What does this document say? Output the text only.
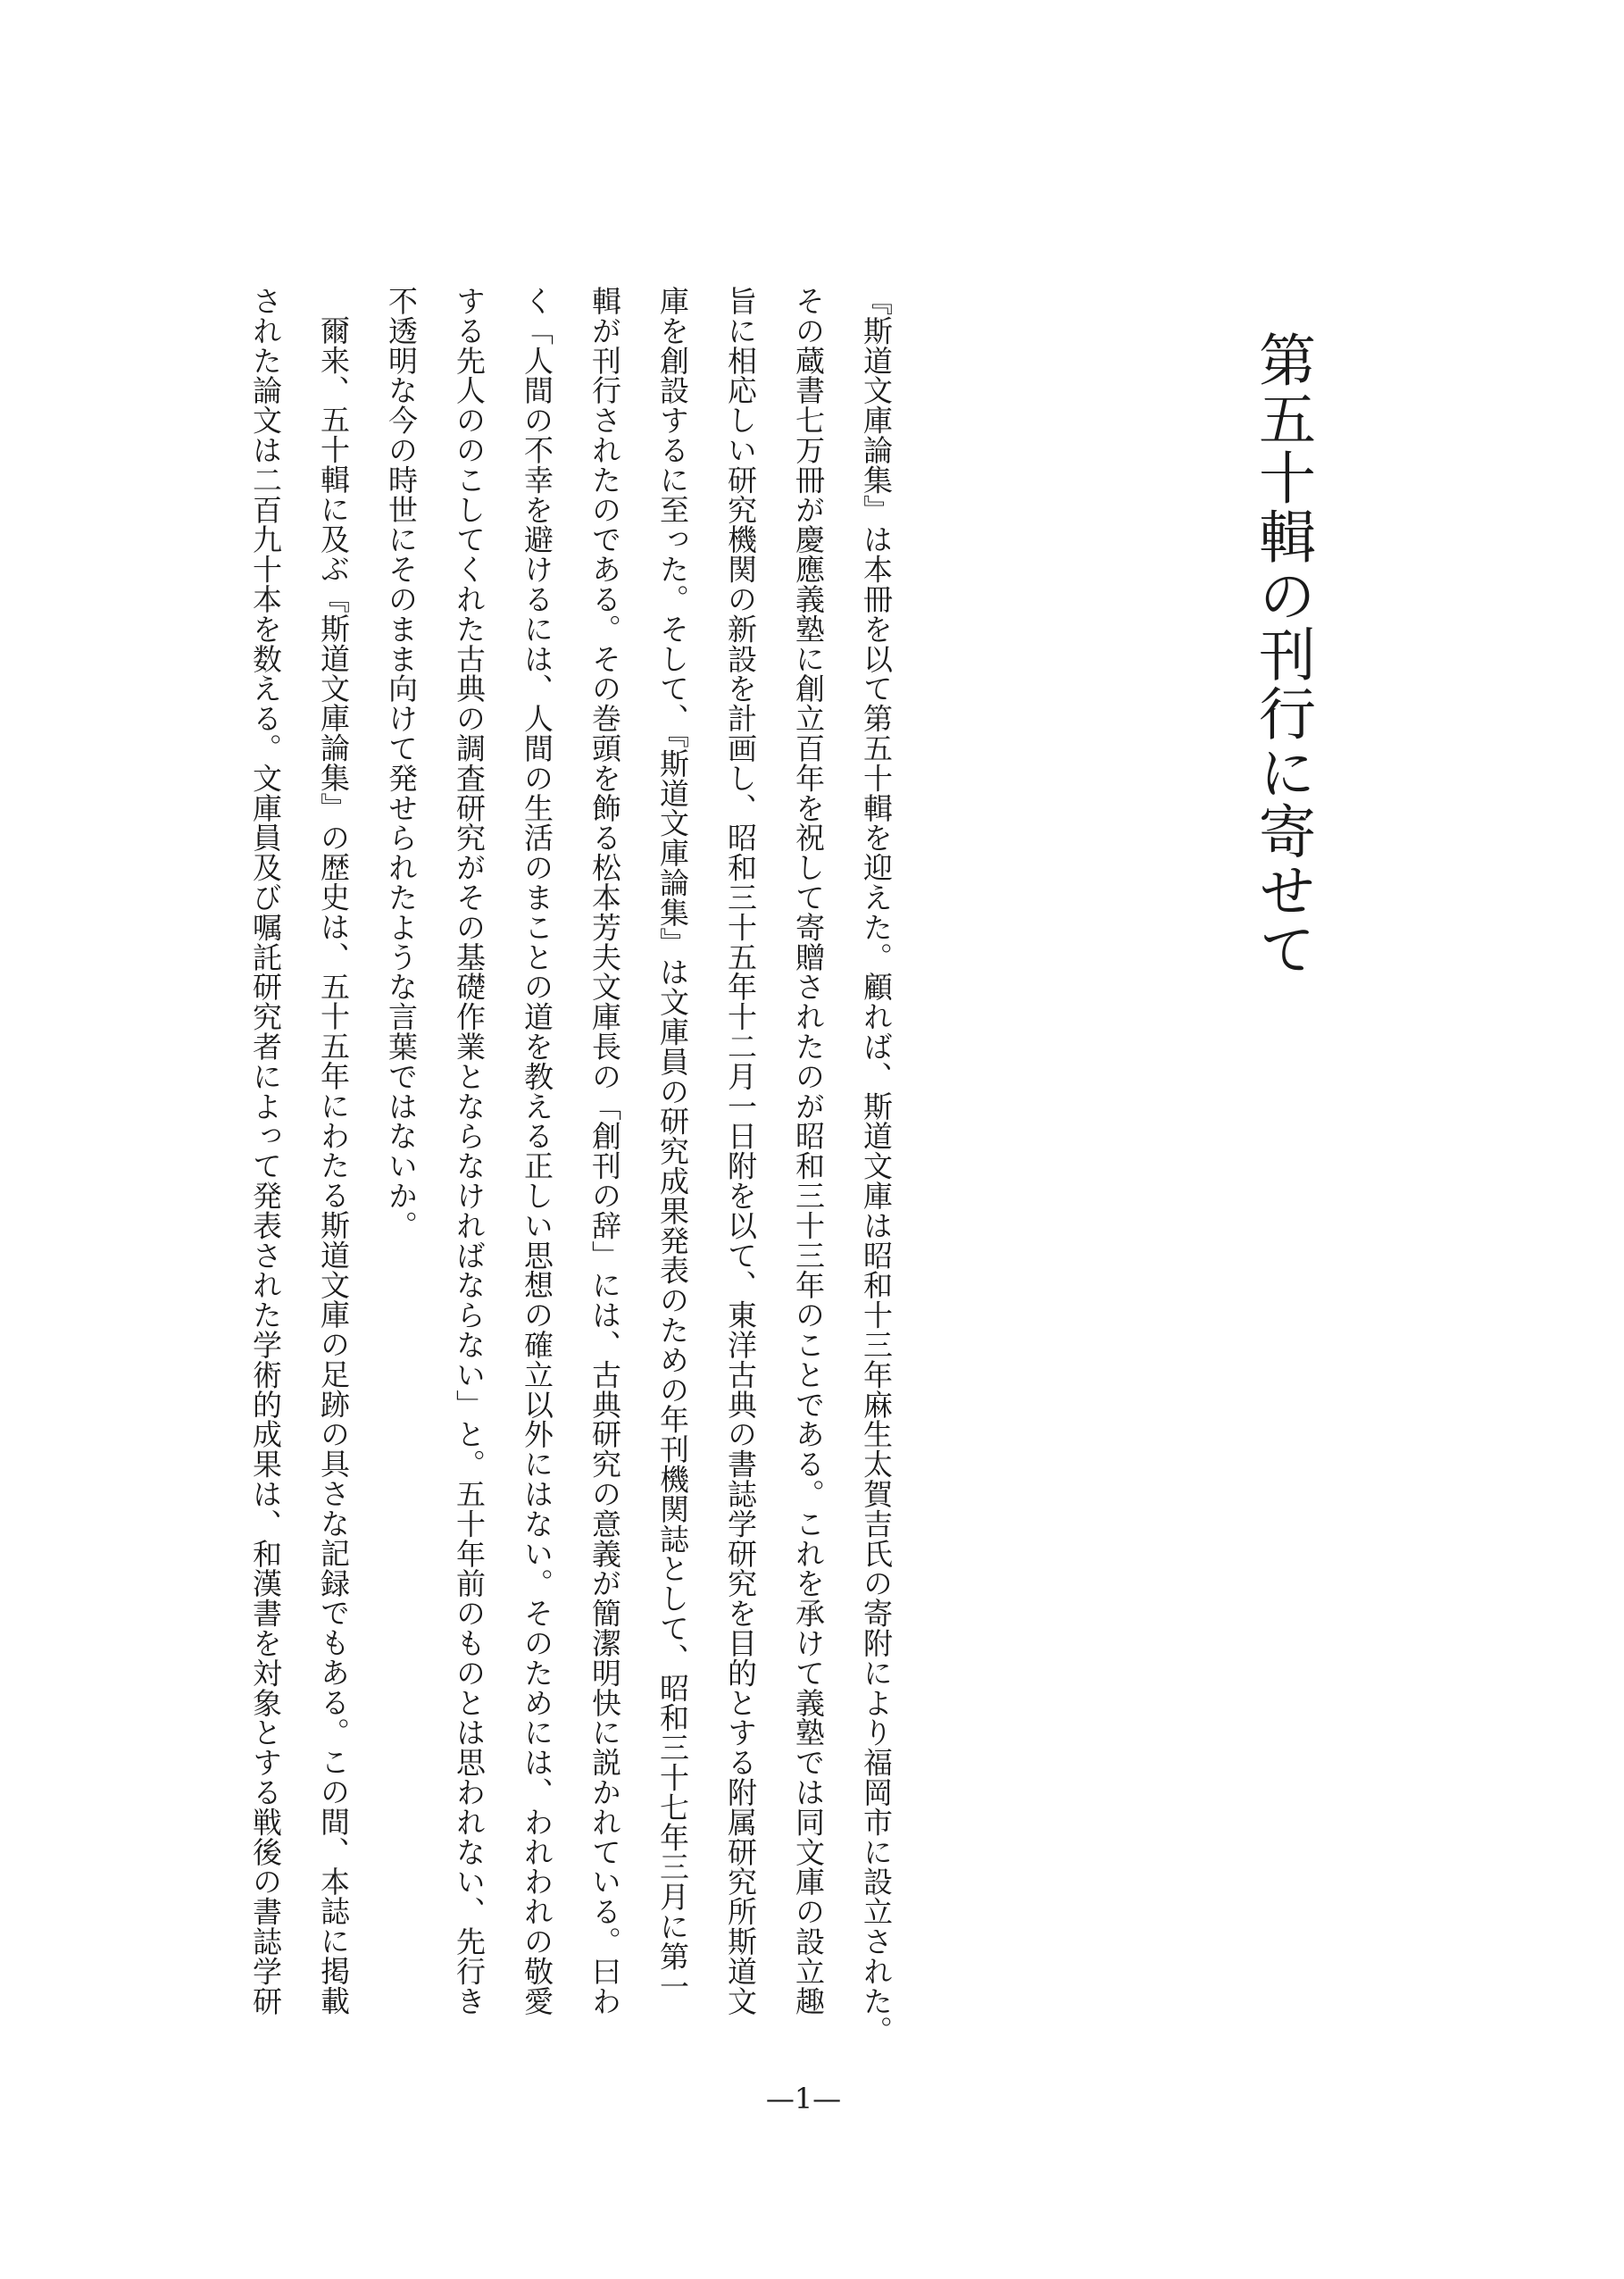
第五十輯の刊行に寄せて
『斯道文庫論集』は本冊を以て第五十輯を迎えた。顧れば、斯道文庫は昭和十三年麻生太賀吉氏の寄附により福岡市に設立された。
その蔵書七万冊が慶應義塾に創立百年を祝して寄贈されたのが昭和三十三年のことである。これを承けて義塾では同文庫の設立趣
旨に相応しい研究機関の新設を計画し、昭和三十五年十二月一日附を以て、東洋古典の書誌学研究を目的とする附属研究所斯道文
庫を創設するに至った。そして、『斯道文庫論集』は文庫員の研究成果発表のための年刊機関誌として、昭和三十七年三月に第一
輯が刊行されたのである。その巻頭を飾る松本芳夫文庫長の「創刊の辞」には、古典研究の意義が簡潔明快に説かれている。曰わ
く「人間の不幸を避けるには、人間の生活のまことの道を教える正しい思想の確立以外にはない。そのためには、われわれの敬愛
する先人ののこしてくれた古典の調査研究がその基礎作業とならなければならない」と。五十年前のものとは思われない、先行き
不透明な今の時世にそのまま向けて発せられたような言葉ではないか。
爾来、五十輯に及ぶ『斯道文庫論集』の歴史は、五十五年にわたる斯道文庫の足跡の具さな記録でもある。この間、本誌に掲載
された論文は二百九十本を数える。文庫員及び嘱託研究者によって発表された学術的成果は、和漢書を対象とする戦後の書誌学研
—1—
